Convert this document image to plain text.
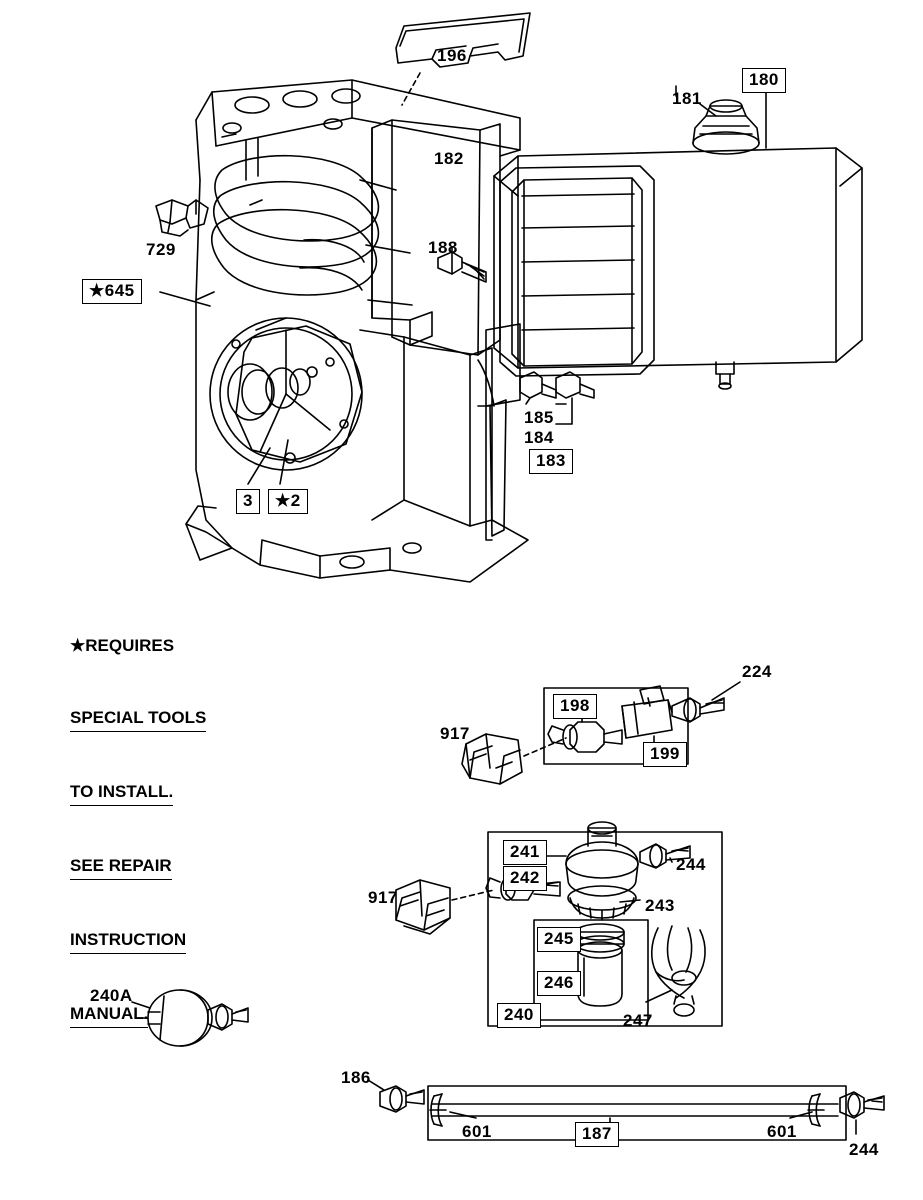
★REQUIRES

SPECIAL TOOLS

TO INSTALL.

SEE REPAIR

INSTRUCTION

MANUAL.

196
180
181
182
729	188
★645
185
184
183
3	★2
224
198
917
199
241
244
242
917	243
245
246
240A
240	247
186
601	601
187
244
